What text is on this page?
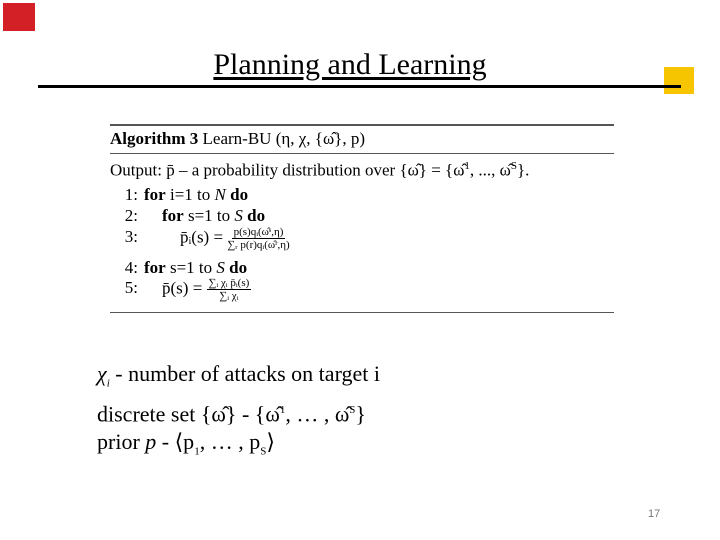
Planning and Learning
Algorithm 3 Learn-BU (η, χ, {ω̂}, p)
Output: p̄ – a probability distribution over {ω̂} = {ω̂$^1$, ..., ω̂$^S$}.
1: for i=1 to N do
2: for s=1 to S do
3: p̄ᵢ(s) = $\frac{\text{p(s)qᵢ(ω̂ˢ,η)}}{\text{∑ᵣ p(r)qᵢ(ω̂ʳ,η)}}$
4: for s=1 to S do
5: p̄(s) = $\frac{\text{∑ᵢ χᵢ p̄ᵢ(s)}}{\text{∑ᵢ χᵢ}}$
$\chi_i$ - number of attacks on target i
discrete set {ω̂} - {ω̂$^1$, … , ω̂$^S$}
prior p - $⟨p_1$, … , $p_S⟩$
17
